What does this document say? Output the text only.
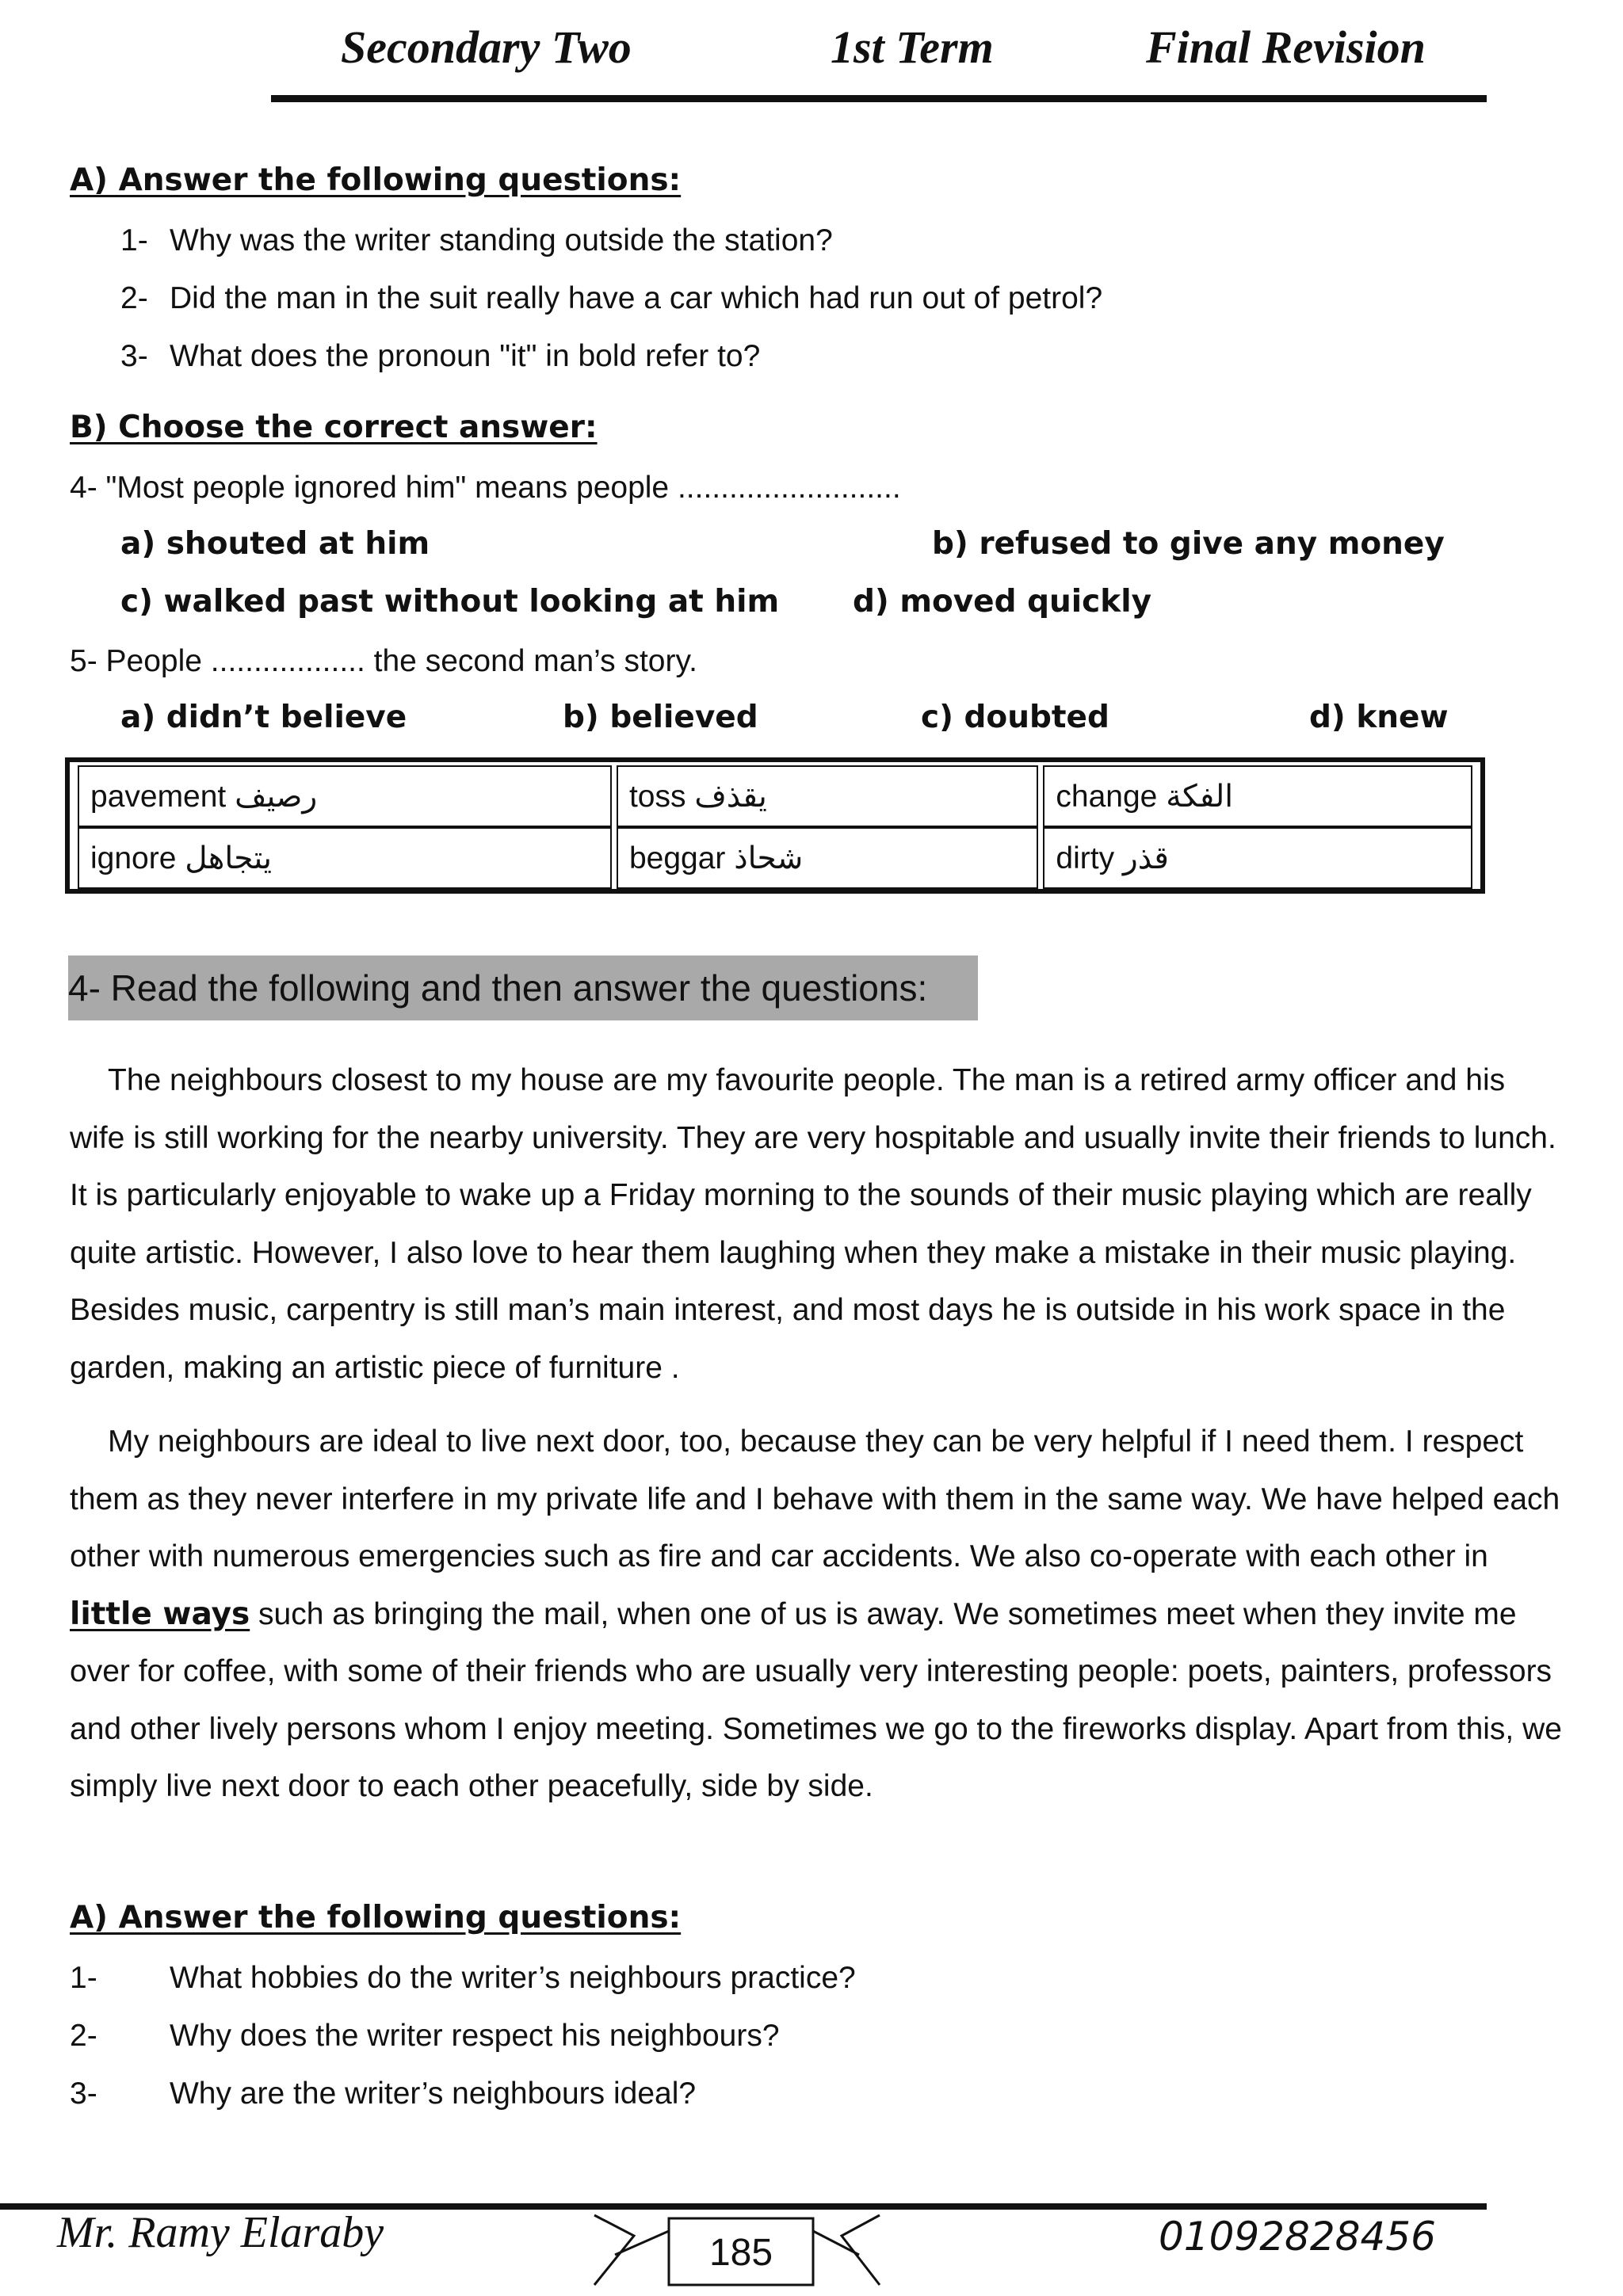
Secondary Two	1st Term	Final Revision
A) Answer the following questions:
1- Why was the writer standing outside the station?
2- Did the man in the suit really have a car which had run out of petrol?
3- What does the pronoun "it" in bold refer to?
B) Choose the correct answer:
4- "Most people ignored him" means people ..........................
a) shouted at him	b) refused to give any money
c) walked past without looking at him d) moved quickly
5- People .................. the second man’s story.
a) didn’t believe	b) believed	c) doubted	d) knew
pavement رصيف	toss يقذف	change الفكة
ignore يتجاهل	beggar شحاذ	dirty قذر
4- Read the following and then answer the questions:

The neighbours closest to my house are my favourite people. The man is a retired army officer and his wife is still working for the nearby university. They are very hospitable and usually invite their friends to lunch. It is particularly enjoyable to wake up a Friday morning to the sounds of their music playing which are really quite artistic. However, I also love to hear them laughing when they make a mistake in their music playing. Besides music, carpentry is still man’s main interest, and most days he is outside in his work space in the garden, making an artistic piece of furniture .

My neighbours are ideal to live next door, too, because they can be very helpful if I need them. I respect them as they never interfere in my private life and I behave with them in the same way. We have helped each other with numerous emergencies such as fire and car accidents. We also co-operate with each other in little ways such as bringing the mail, when one of us is away. We sometimes meet when they invite me over for coffee, with some of their friends who are usually very interesting people: poets, painters, professors and other lively persons whom I enjoy meeting. Sometimes we go to the fireworks display. Apart from this, we simply live next door to each other peacefully, side by side.

A) Answer the following questions:
1- What hobbies do the writer’s neighbours practice?
2- Why does the writer respect his neighbours?
3- Why are the writer’s neighbours ideal?
Mr. Ramy Elaraby	185	01092828456
